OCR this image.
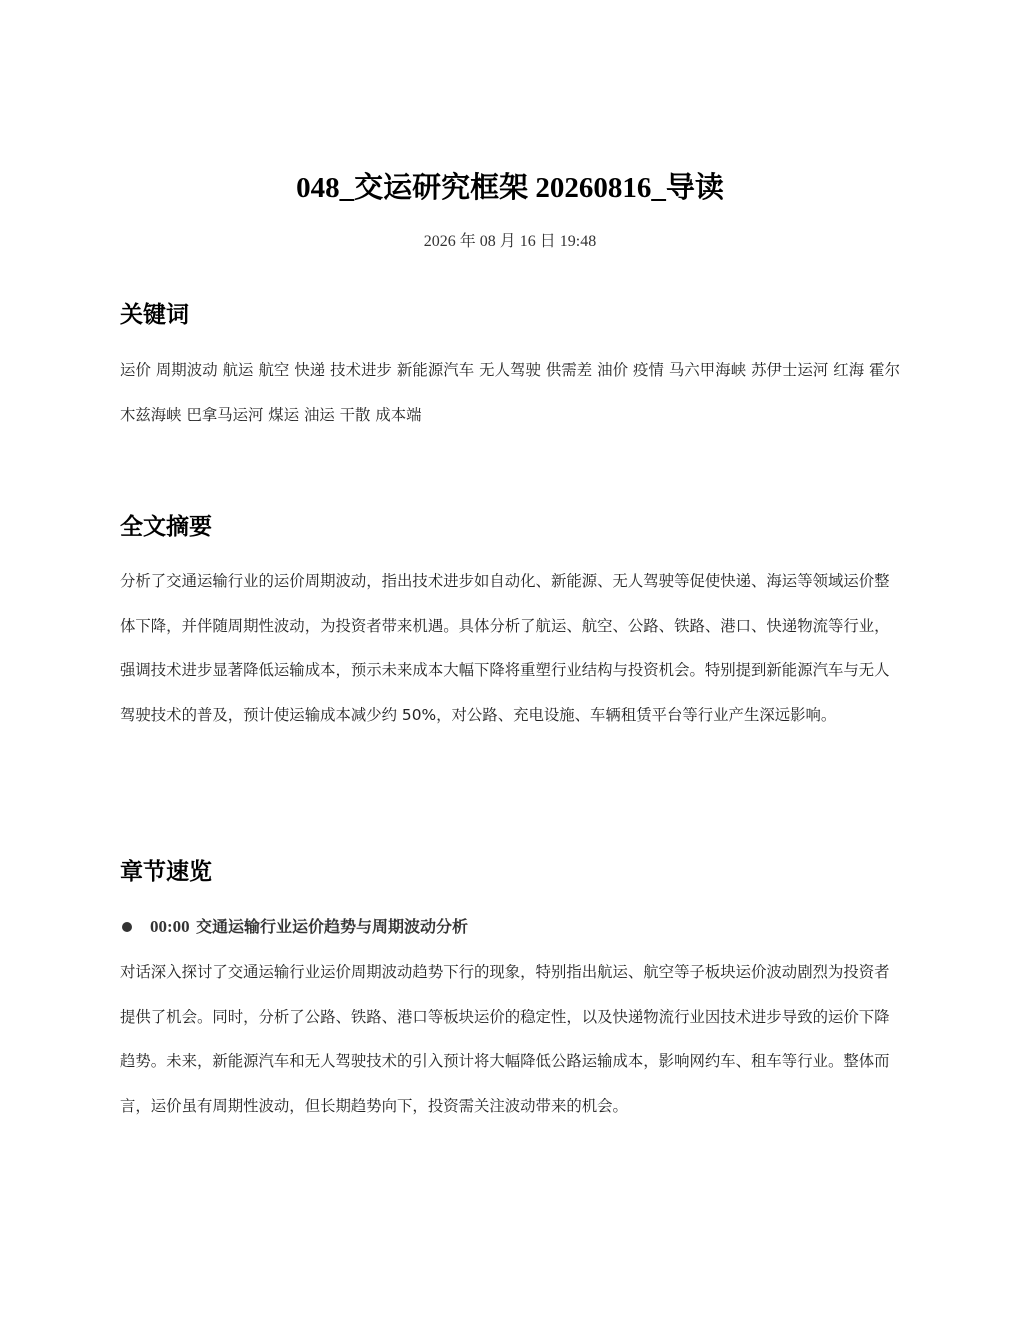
048_交运研究框架 20260816_导读
2026 年 08 月 16 日 19:48
关键词

运价 周期波动 航运 航空 快递 技术进步 新能源汽车 无人驾驶 供需差 油价 疫情 马六甲海峡 苏伊士运河 红海 霍尔木兹海峡 巴拿马运河 煤运 油运 干散 成本端

全文摘要

分析了交通运输行业的运价周期波动，指出技术进步如自动化、新能源、无人驾驶等促使快递、海运等领域运价整体下降，并伴随周期性波动，为投资者带来机遇。具体分析了航运、航空、公路、铁路、港口、快递物流等行业，强调技术进步显著降低运输成本，预示未来成本大幅下降将重塑行业结构与投资机会。特别提到新能源汽车与无人驾驶技术的普及，预计使运输成本减少约 50%，对公路、充电设施、车辆租赁平台等行业产生深远影响。

章节速览
00:00 交通运输行业运价趋势与周期波动分析

对话深入探讨了交通运输行业运价周期波动趋势下行的现象，特别指出航运、航空等子板块运价波动剧烈为投资者提供了机会。同时，分析了公路、铁路、港口等板块运价的稳定性，以及快递物流行业因技术进步导致的运价下降趋势。未来，新能源汽车和无人驾驶技术的引入预计将大幅降低公路运输成本，影响网约车、租车等行业。整体而言，运价虽有周期性波动，但长期趋势向下，投资需关注波动带来的机会。
